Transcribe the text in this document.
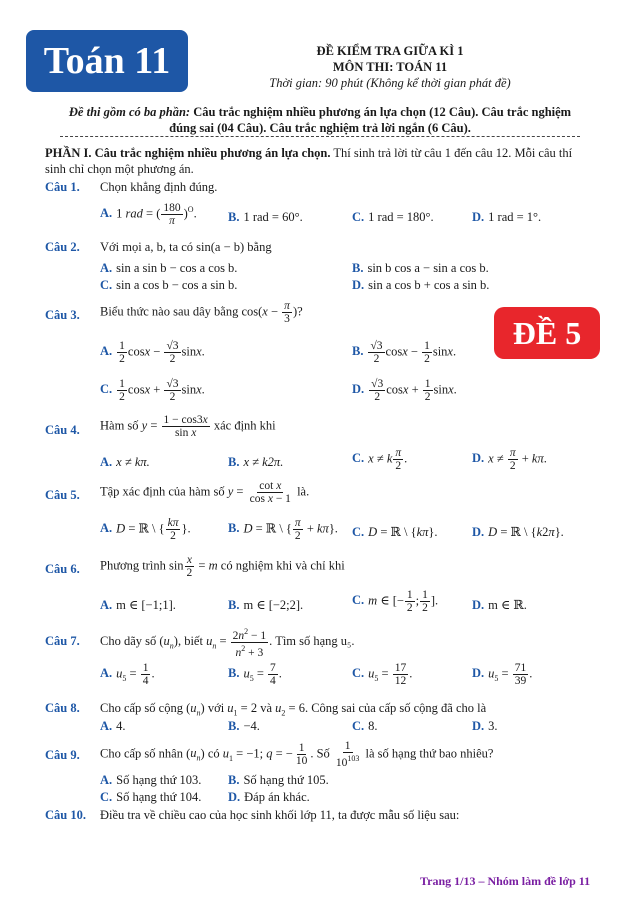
Toán 11	ĐỀ KIỂM TRA GIỮA KÌ 1
MÔN THI: TOÁN 11
Thời gian: 90 phút (Không kể thời gian phát đề)
Đề thi gồm có ba phần: Câu trắc nghiệm nhiều phương án lựa chọn (12 Câu). Câu trắc nghiệm
đúng sai (04 Câu). Câu trắc nghiệm trả lời ngắn (6 Câu).
PHẦN I. Câu trắc nghiệm nhiều phương án lựa chọn. Thí sinh trả lời từ câu 1 đến câu 12. Mỗi câu thí
sinh chỉ chọn một phương án.
ĐỀ 5
Câu 1. Chọn khẳng định đúng.
A. 1 rad = ( $\frac{180}{\pi} )^O$.	B. 1 rad = 60°.	C. 1 rad = 180°.	D. 1 rad = 1°.
Câu 2. Với mọi a, b, ta có sin(a − b) bằng
A. sin a sin b − cos a cos b.	B. sin b cos a − sin a cos b.
C. sin a cos b − cos a sin b.	D. sin a cos b + cos a sin b.
Câu 3. Biểu thức nào sau dây bằng $\cos(x - \frac{\pi}{3}$ )?
A. $\frac{1}{2}$ $\cos x - \frac{√3}{2} \sin x$.	B. $\frac{√3}{2}$ $\cos x - \frac{1}{2} \sin x$.
C. $\frac{1}{2}$ $\cos x + \frac{√3}{2} \sin x$.	D. $\frac{√3}{2}$ $\cos x + \frac{1}{2} \sin x$.
Câu 4. Hàm số $y = \frac{1 - \cos 3x}{\text{sin x}}$ xác định khi
A. x ≠ kπ.	B. x ≠ k2π.	C. x ≠ k $\frac{\pi}{2}$ .	D. $x \ne \frac{\pi}{2} + k\pi$.
Câu 5. Tập xác định của hàm số $y = \frac{\text{cot x}}{\text{cos x − 1}}$ là.
A. D = ℝ \ { $\frac{k\pi}{2}$ }.	B. D = ℝ \ { $\frac{\pi}{2} + k\pi$}. C. D = ℝ \ {kπ}.	D. D = ℝ \ {k2π}.
Câu 6. Phương trình $\sin \frac{x}{2} = m$ có nghiệm khi và chỉ khi
A. m ∈ [−1;1].	B. m ∈ [−2;2].	C. m ∈ [− $\frac{1}{2}$ ; $\frac{1}{2}$ ].	D. m ∈ ℝ.
Câu 7. Cho dãy số $(u_n)$, biết $u_n = \frac{2n^2 - 1}{n^2 + 3}$ . Tìm số hạng u₅.
A. $u_5 = \frac{1}{4}$ .	B. $u_5 = \frac{7}{4}$ .	C. $u_5 = \frac{17}{12}$ .	D. $u_5 = \frac{71}{39}$ .
Câu 8. Cho cấp số cộng $(u_n)$ với $u_1 = 2$ và $u_2 = 6$. Công sai của cấp số cộng đã cho là
A. 4.	B. −4.	C. 8.	D. 3.
Câu 9. Cho cấp số nhân $(u_n)$ có $u_1 = -1$; q = − $\frac{1}{10}$ . Số $\frac{1}{10^{103}}$ là số hạng thứ bao nhiêu?
A. Số hạng thứ 103. B. Số hạng thứ 105.
C. Số hạng thứ 104. D. Đáp án khác.
Câu 10. Điều tra về chiều cao của học sinh khối lớp 11, ta được mẫu số liệu sau:
Trang 1/13 – Nhóm làm đề lớp 11
